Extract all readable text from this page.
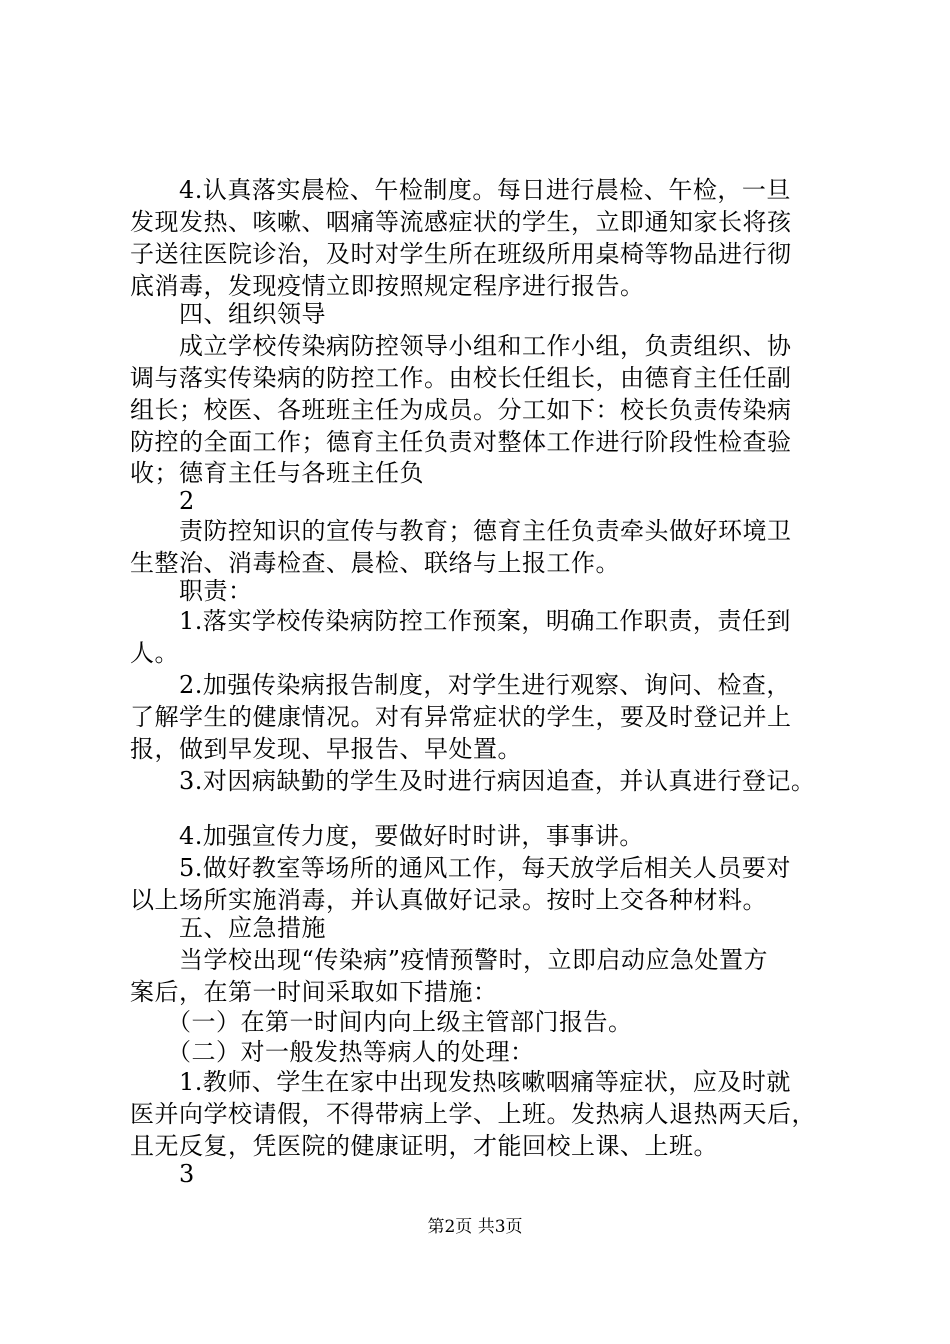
　　4.认真落实晨检、午检制度。每日进行晨检、午检，一旦
发现发热、咳嗽、咽痛等流感症状的学生，立即通知家长将孩
子送往医院诊治，及时对学生所在班级所用桌椅等物品进行彻
底消毒，发现疫情立即按照规定程序进行报告。
　　四、组织领导
　　成立学校传染病防控领导小组和工作小组，负责组织、协
调与落实传染病的防控工作。由校长任组长，由德育主任任副
组长；校医、各班班主任为成员。分工如下：校长负责传染病
防控的全面工作；德育主任负责对整体工作进行阶段性检查验
收；德育主任与各班主任负
　　2
　　责防控知识的宣传与教育；德育主任负责牵头做好环境卫
生整治、消毒检查、晨检、联络与上报工作。
　　职责：
　　1.落实学校传染病防控工作预案，明确工作职责，责任到
人。
　　2.加强传染病报告制度，对学生进行观察、询问、检查，
了解学生的健康情况。对有异常症状的学生，要及时登记并上
报，做到早发现、早报告、早处置。
　　3.对因病缺勤的学生及时进行病因追查，并认真进行登记。
　　4.加强宣传力度，要做好时时讲，事事讲。
　　5.做好教室等场所的通风工作，每天放学后相关人员要对
以上场所实施消毒，并认真做好记录。按时上交各种材料。
　　五、应急措施
　　当学校出现“传染病”疫情预警时，立即启动应急处置方
案后，在第一时间采取如下措施：
　　（一）在第一时间内向上级主管部门报告。
　　（二）对一般发热等病人的处理：
　　1.教师、学生在家中出现发热咳嗽咽痛等症状，应及时就
医并向学校请假，不得带病上学、上班。发热病人退热两天后，
且无反复，凭医院的健康证明，才能回校上课、上班。
　　3
第2页 共3页
